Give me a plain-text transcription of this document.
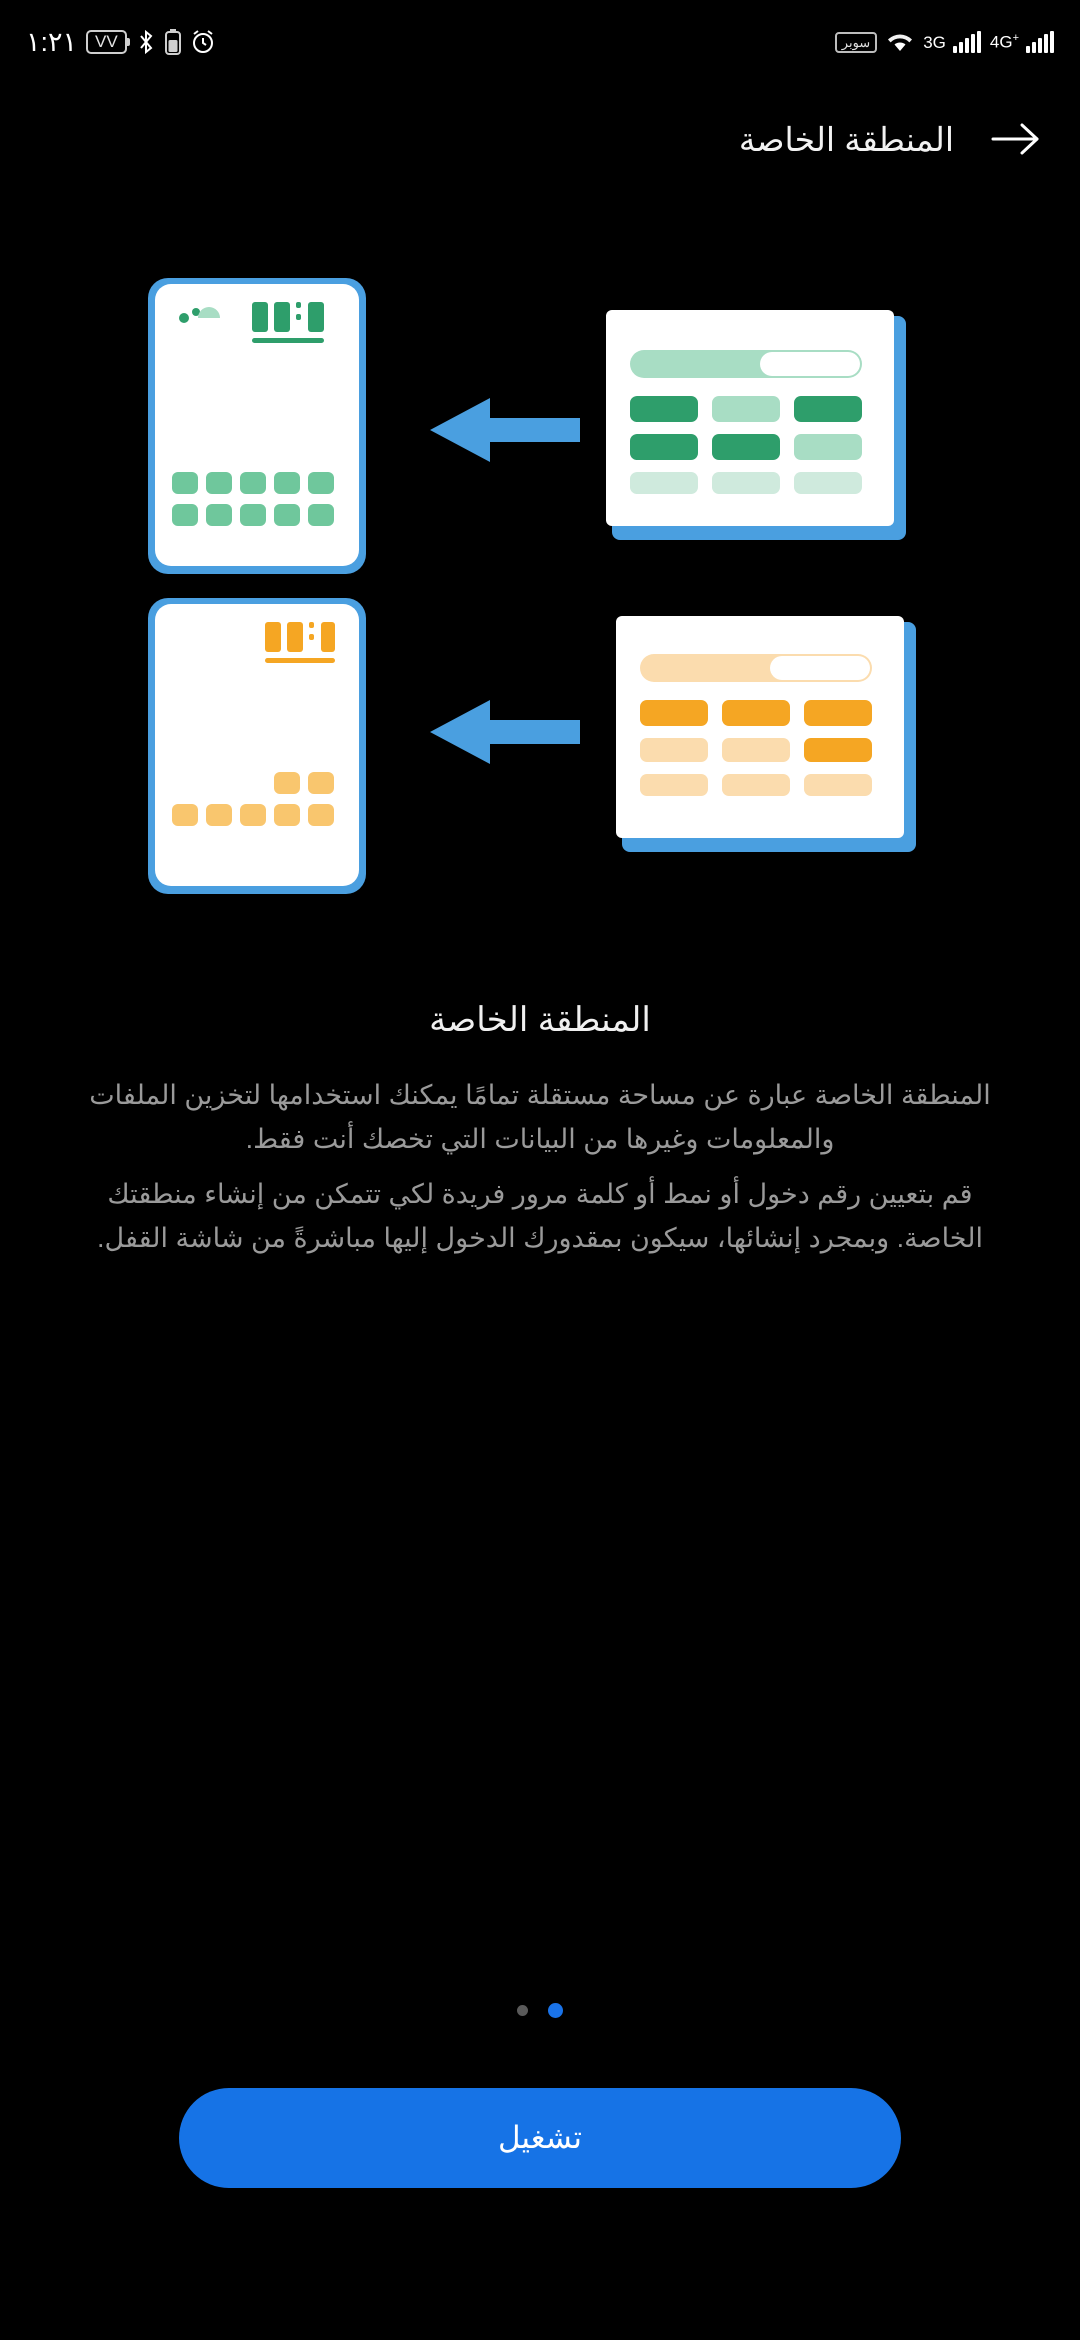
١:٢١	VV	سوبر	3G	4G+
المنطقة الخاصة
المنطقة الخاصة

المنطقة الخاصة عبارة عن مساحة مستقلة تمامًا يمكنك استخدامها لتخزين الملفات والمعلومات وغيرها من البيانات التي تخصك أنت فقط.

قم بتعيين رقم دخول أو نمط أو كلمة مرور فريدة لكي تتمكن من إنشاء منطقتك الخاصة. وبمجرد إنشائها، سيكون بمقدورك الدخول إليها مباشرةً من شاشة القفل.

تشغيل
